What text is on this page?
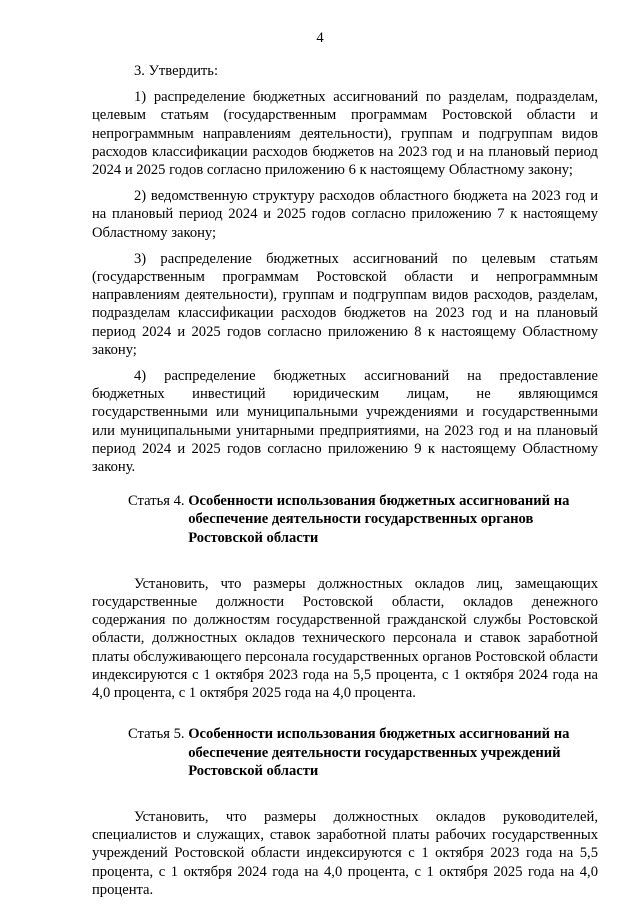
4

3. Утвердить:

1) распределение бюджетных ассигнований по разделам, подразделам, целевым статьям (государственным программам Ростовской области и непрограммным направлениям деятельности), группам и подгруппам видов расходов классификации расходов бюджетов на 2023 год и на плановый период 2024 и 2025 годов согласно приложению 6 к настоящему Областному закону;

2) ведомственную структуру расходов областного бюджета на 2023 год и на плановый период 2024 и 2025 годов согласно приложению 7 к настоящему Областному закону;

3) распределение бюджетных ассигнований по целевым статьям (государственным программам Ростовской области и непрограммным направлениям деятельности), группам и подгруппам видов расходов, разделам, подразделам классификации расходов бюджетов на 2023 год и на плановый период 2024 и 2025 годов согласно приложению 8 к настоящему Областному закону;

4) распределение бюджетных ассигнований на предоставление бюджетных инвестиций юридическим лицам, не являющимся государственными или муниципальными учреждениями и государственными или муниципальными унитарными предприятиями, на 2023 год и на плановый период 2024 и 2025 годов согласно приложению 9 к настоящему Областному закону.

Статья 4.
Особенности использования бюджетных ассигнований на обеспечение деятельности государственных органов Ростовской области

Установить, что размеры должностных окладов лиц, замещающих государственные должности Ростовской области, окладов денежного содержания по должностям государственной гражданской службы Ростовской области, должностных окладов технического персонала и ставок заработной платы обслуживающего персонала государственных органов Ростовской области индексируются с 1 октября 2023 года на 5,5 процента, с 1 октября 2024 года на 4,0 процента, с 1 октября 2025 года на 4,0 процента.

Статья 5.
Особенности использования бюджетных ассигнований на обеспечение деятельности государственных учреждений Ростовской области

Установить, что размеры должностных окладов руководителей, специалистов и служащих, ставок заработной платы рабочих государственных учреждений Ростовской области индексируются с 1 октября 2023 года на 5,5 процента, с 1 октября 2024 года на 4,0 процента, с 1 октября 2025 года на 4,0 процента.
